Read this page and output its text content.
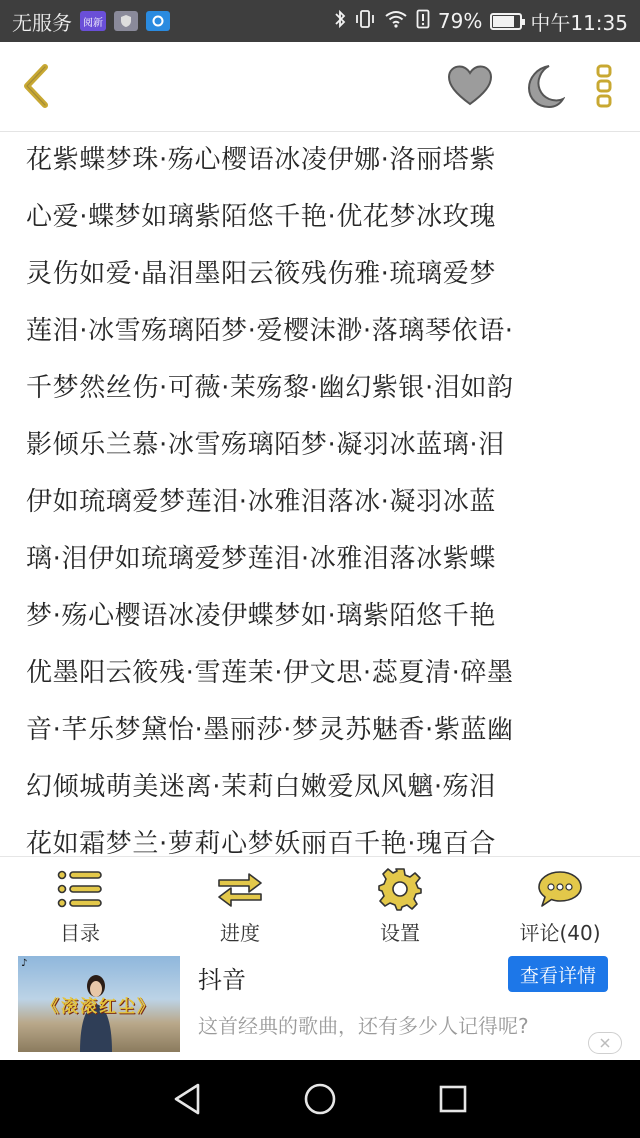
无服务	阅新	79% 中午11:35
花紫蝶梦珠·殇心樱语冰凌伊娜·洛丽塔紫
心爱·蝶梦如璃紫陌悠千艳·优花梦冰玫瑰
灵伤如爱·晶泪墨阳云筱残伤雅·琉璃爱梦
莲泪·冰雪殇璃陌梦·爱樱沫渺·落璃琴依语·
千梦然丝伤·可薇·茉殇黎·幽幻紫银·泪如韵
影倾乐兰慕·冰雪殇璃陌梦·凝羽冰蓝璃·泪
伊如琉璃爱梦莲泪·冰雅泪落冰·凝羽冰蓝
璃·泪伊如琉璃爱梦莲泪·冰雅泪落冰紫蝶
梦·殇心樱语冰凌伊蝶梦如·璃紫陌悠千艳
优墨阳云筱残·雪莲茉·伊文思·蕊夏清·碎墨
音·芊乐梦黛怡·墨丽莎·梦灵苏魅香·紫蓝幽
幻倾城萌美迷离·茉莉白嫩爱凤风魑·殇泪
花如霜梦兰·萝莉心梦妖丽百千艳·瑰百合
目录	进度	设置	评论(40)
♪
《滚滚红尘》
抖音	查看详情
这首经典的歌曲，还有多少人记得呢?
